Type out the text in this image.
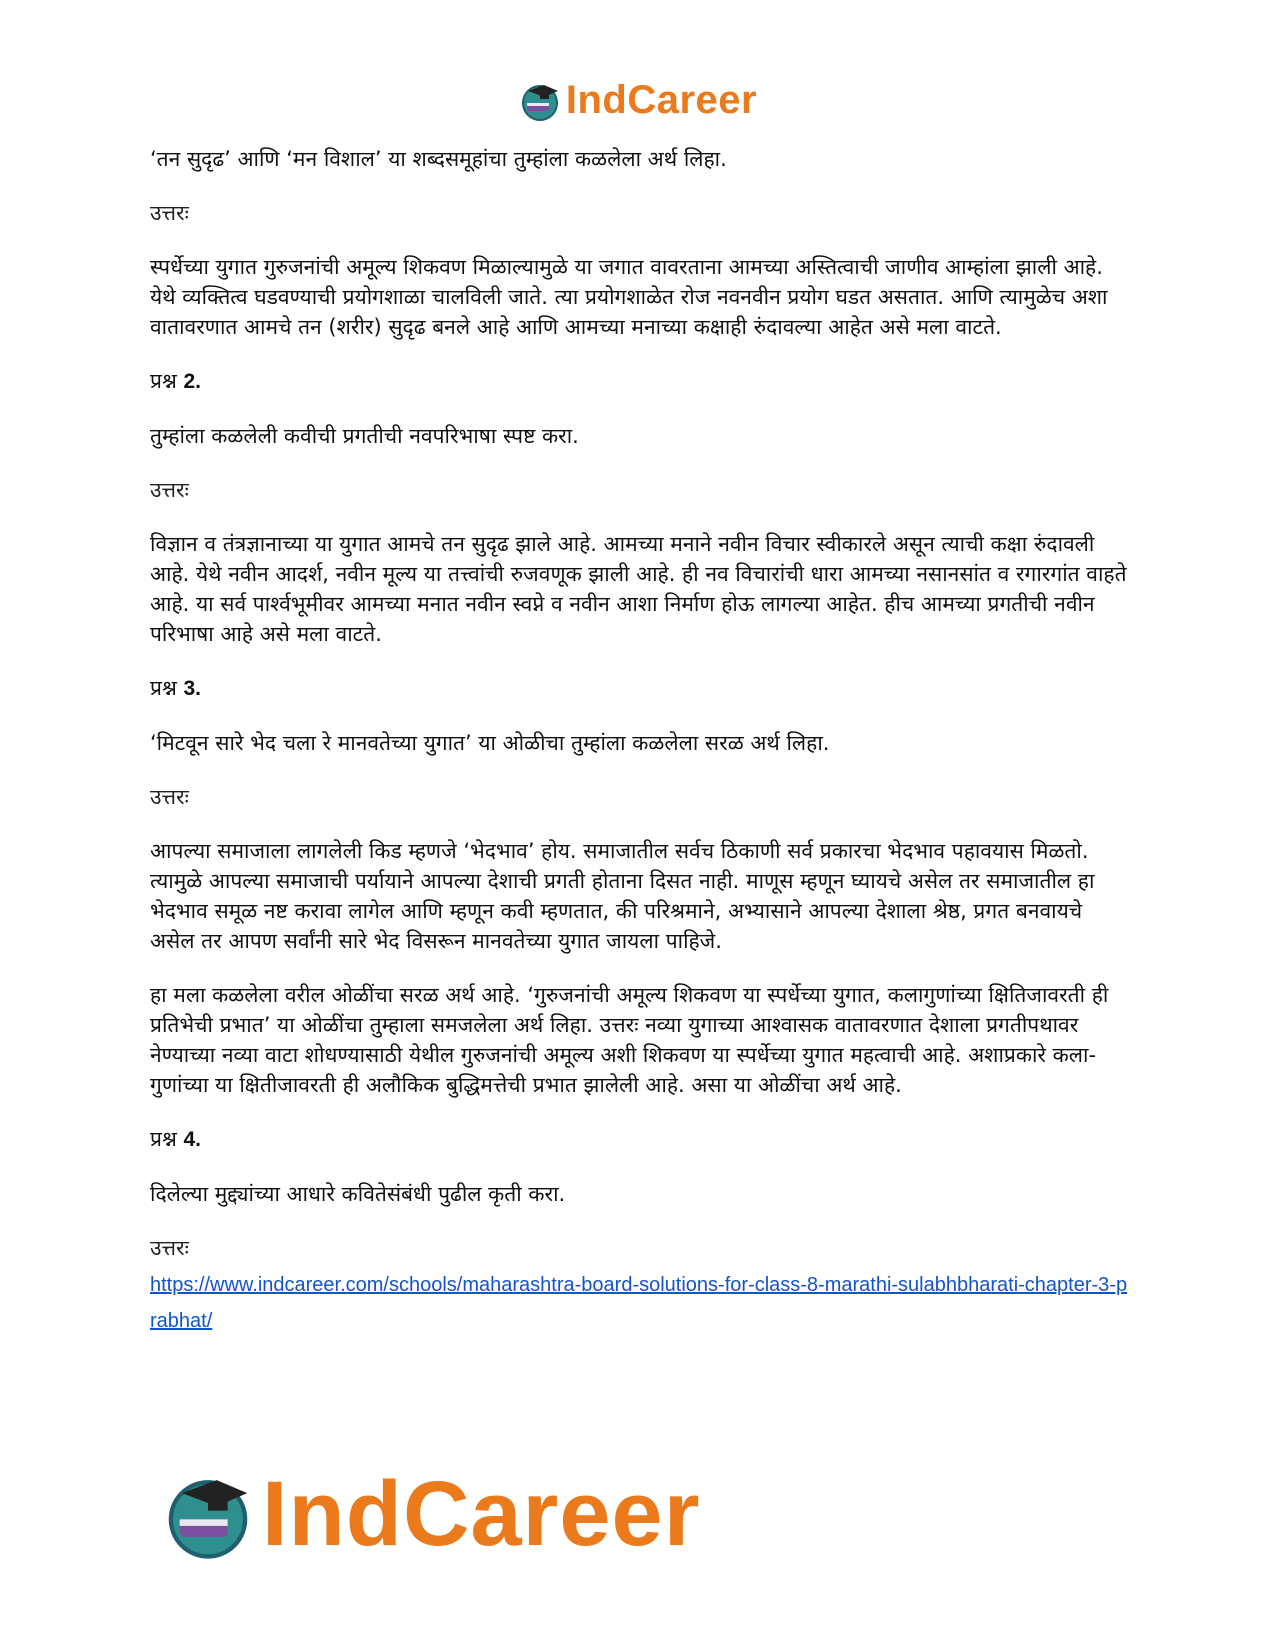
IndCareer

‘तन सुदृढ’ आणि ‘मन विशाल’ या शब्दसमूहांचा तुम्हांला कळलेला अर्थ लिहा.

उत्तरः

स्पर्धेच्या युगात गुरुजनांची अमूल्य शिकवण मिळाल्यामुळे या जगात वावरताना आमच्या अस्तित्वाची जाणीव आम्हांला झाली आहे. येथे व्यक्तित्व घडवण्याची प्रयोगशाळा चालविली जाते. त्या प्रयोगशाळेत रोज नवनवीन प्रयोग घडत असतात. आणि त्यामुळेच अशा वातावरणात आमचे तन (शरीर) सुदृढ बनले आहे आणि आमच्या मनाच्या कक्षाही रुंदावल्या आहेत असे मला वाटते.

प्रश्न 2.

तुम्हांला कळलेली कवीची प्रगतीची नवपरिभाषा स्पष्ट करा.

उत्तरः

विज्ञान व तंत्रज्ञानाच्या या युगात आमचे तन सुदृढ झाले आहे. आमच्या मनाने नवीन विचार स्वीकारले असून त्याची कक्षा रुंदावली आहे. येथे नवीन आदर्श, नवीन मूल्य या तत्त्वांची रुजवणूक झाली आहे. ही नव विचारांची धारा आमच्या नसानसांत व रगारगांत वाहते आहे. या सर्व पार्श्वभूमीवर आमच्या मनात नवीन स्वप्ने व नवीन आशा निर्माण होऊ लागल्या आहेत. हीच आमच्या प्रगतीची नवीन परिभाषा आहे असे मला वाटते.

प्रश्न 3.

‘मिटवून सारे भेद चला रे मानवतेच्या युगात’ या ओळीचा तुम्हांला कळलेला सरळ अर्थ लिहा.

उत्तरः

आपल्या समाजाला लागलेली किड म्हणजे ‘भेदभाव’ होय. समाजातील सर्वच ठिकाणी सर्व प्रकारचा भेदभाव पहावयास मिळतो. त्यामुळे आपल्या समाजाची पर्यायाने आपल्या देशाची प्रगती होताना दिसत नाही. माणूस म्हणून घ्यायचे असेल तर समाजातील हा भेदभाव समूळ नष्ट करावा लागेल आणि म्हणून कवी म्हणतात, की परिश्रमाने, अभ्यासाने आपल्या देशाला श्रेष्ठ, प्रगत बनवायचे असेल तर आपण सर्वांनी सारे भेद विसरून मानवतेच्या युगात जायला पाहिजे.

हा मला कळलेला वरील ओळींचा सरळ अर्थ आहे. ‘गुरुजनांची अमूल्य शिकवण या स्पर्धेच्या युगात, कलागुणांच्या क्षितिजावरती ही प्रतिभेची प्रभात’ या ओळींचा तुम्हाला समजलेला अर्थ लिहा. उत्तरः नव्या युगाच्या आश्वासक वातावरणात देशाला प्रगतीपथावर नेण्याच्या नव्या वाटा शोधण्यासाठी येथील गुरुजनांची अमूल्य अशी शिकवण या स्पर्धेच्या युगात महत्वाची आहे. अशाप्रकारे कला-गुणांच्या या क्षितीजावरती ही अलौकिक बुद्धिमत्तेची प्रभात झालेली आहे. असा या ओळींचा अर्थ आहे.

प्रश्न 4.

दिलेल्या मुद्द्यांच्या आधारे कवितेसंबंधी पुढील कृती करा.

उत्तरः

https://www.indcareer.com/schools/maharashtra-board-solutions-for-class-8-marathi-sulabhbharati-chapter-3-prabhat/
IndCareer
